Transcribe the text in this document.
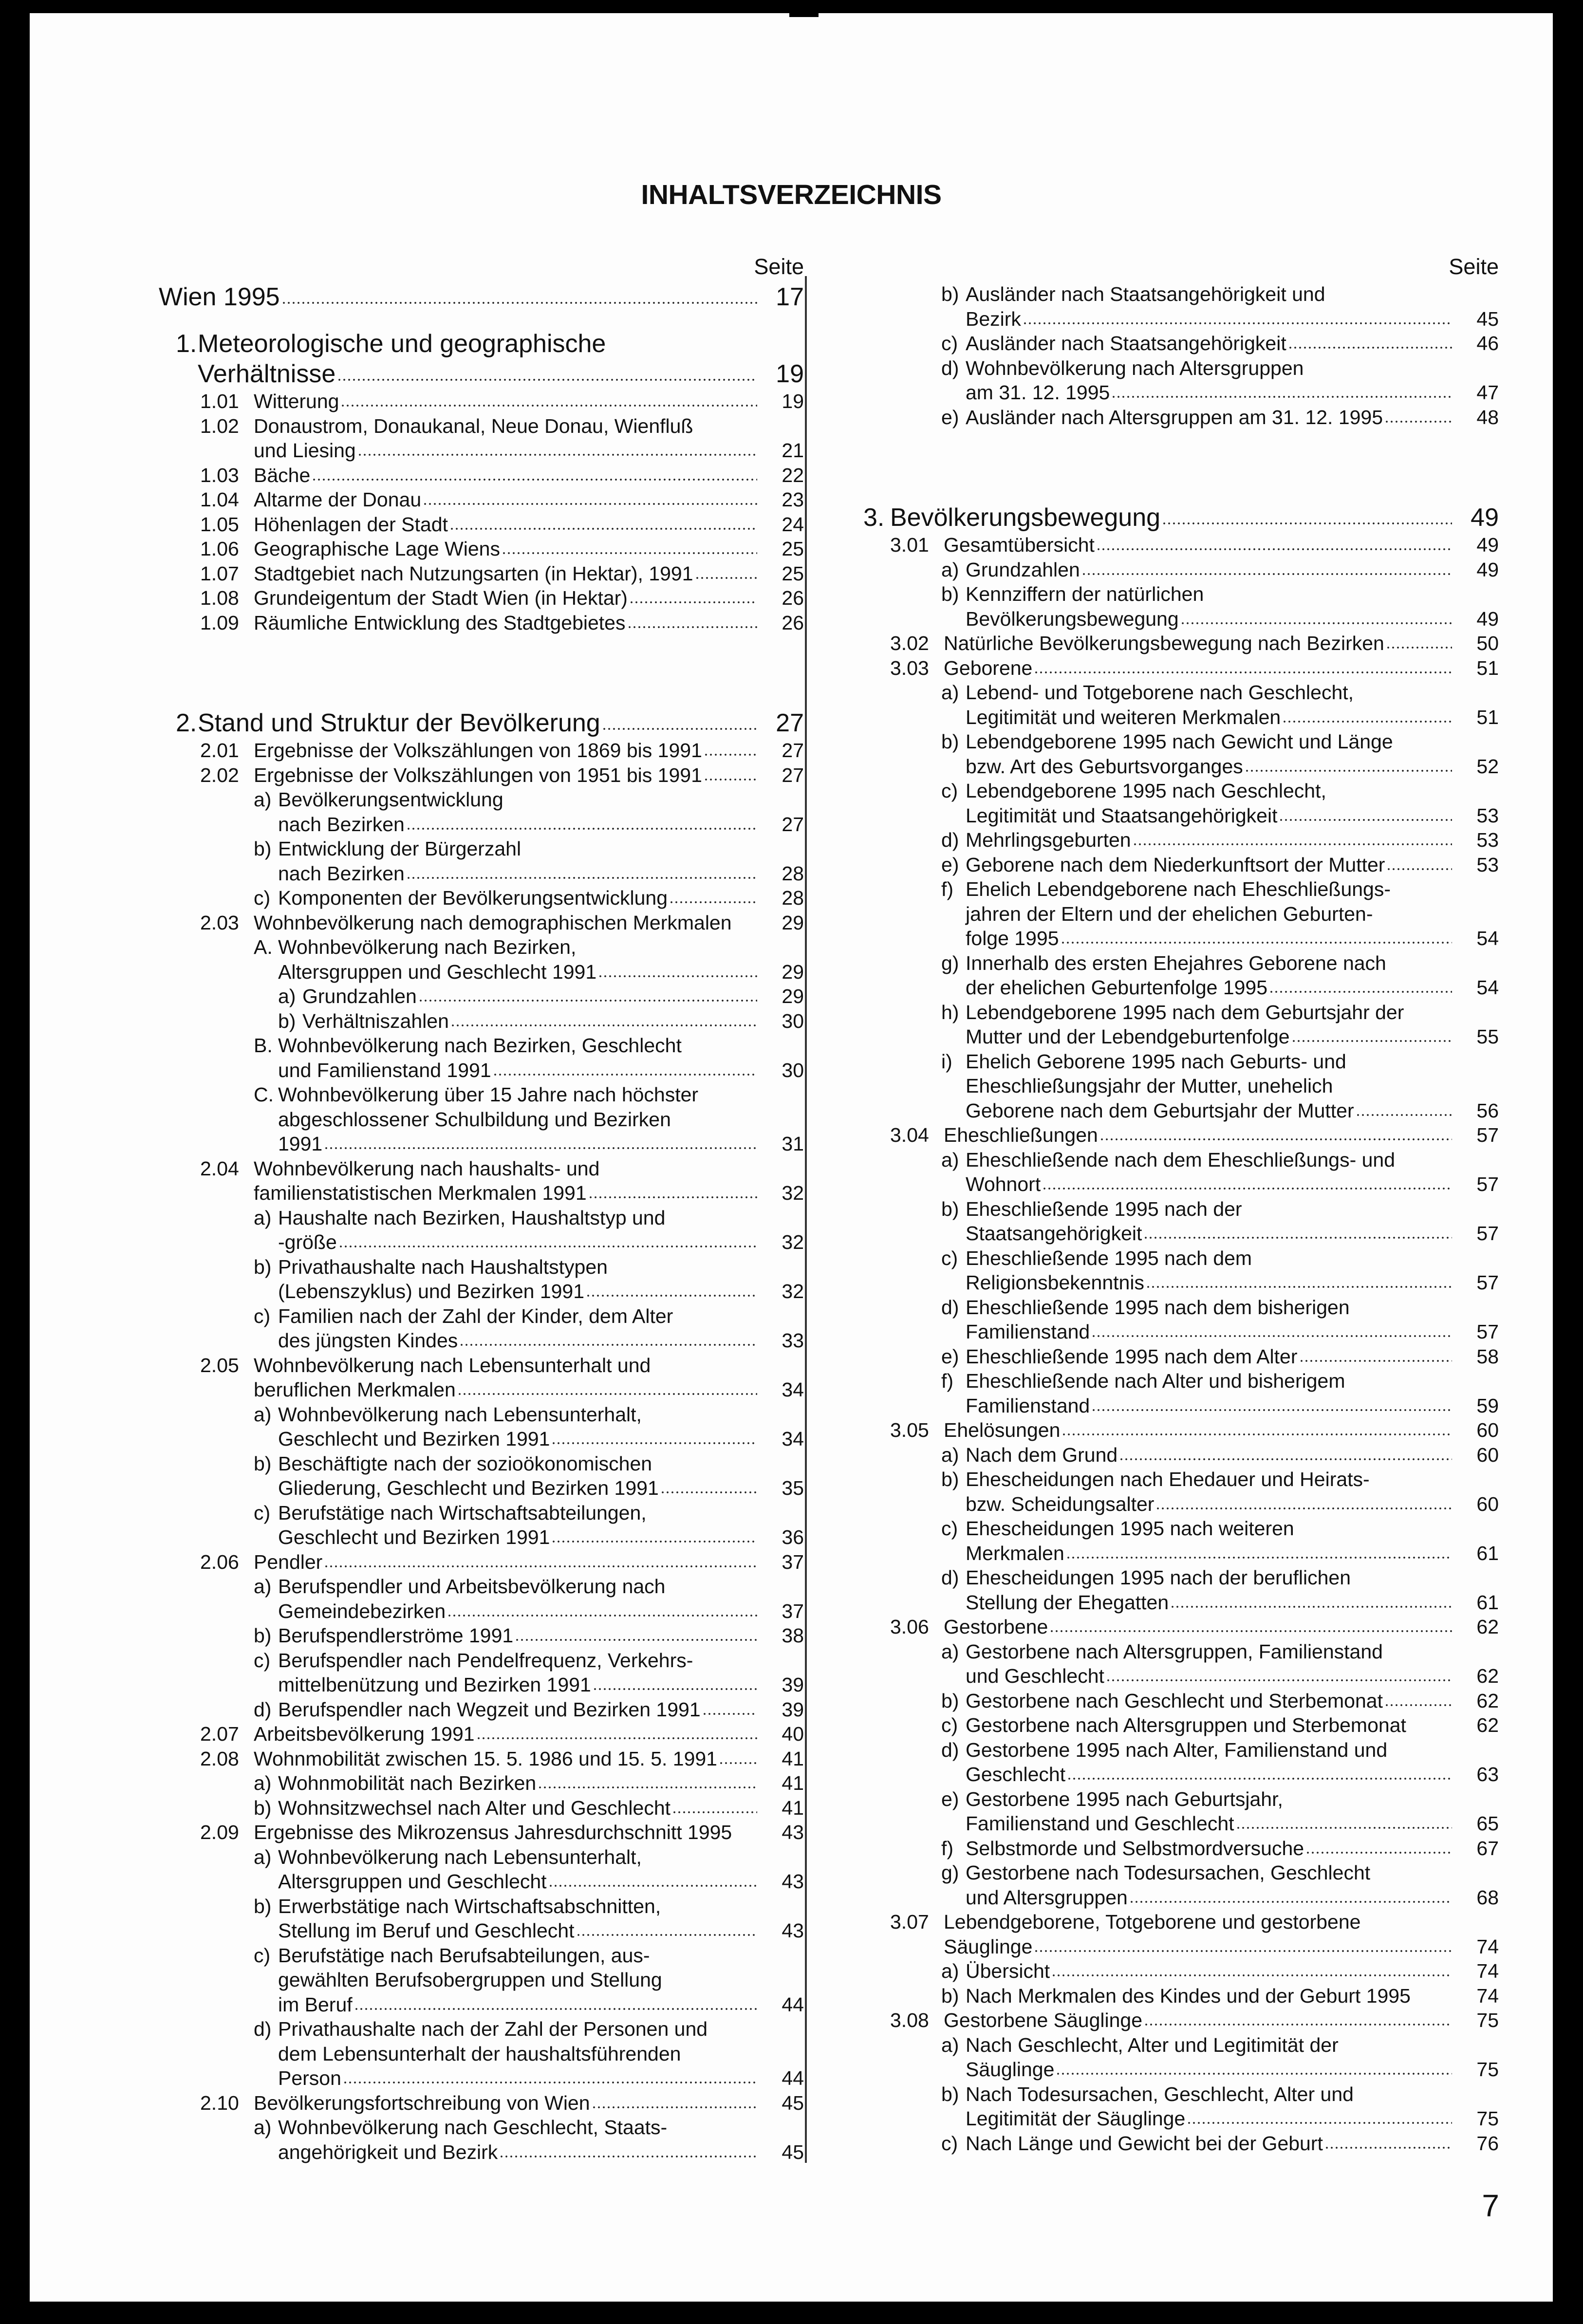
INHALTSVERZEICHNIS
Seite
Wien 1995	17
1. Meteorologische und geographische
Verhältnisse	19
1.01 Witterung	19
1.02 Donaustrom, Donaukanal, Neue Donau, Wienfluß
und Liesing	21
1.03 Bäche	22
1.04 Altarme der Donau	23
1.05 Höhenlagen der Stadt	24
1.06 Geographische Lage Wiens	25
1.07 Stadtgebiet nach Nutzungsarten (in Hektar), 1991	25
1.08 Grundeigentum der Stadt Wien (in Hektar)	26
1.09 Räumliche Entwicklung des Stadtgebietes	26
2. Stand und Struktur der Bevölkerung	27
2.01 Ergebnisse der Volkszählungen von 1869 bis 1991	27
2.02 Ergebnisse der Volkszählungen von 1951 bis 1991	27
a) Bevölkerungsentwicklung
nach Bezirken	27
b) Entwicklung der Bürgerzahl
nach Bezirken	28
c) Komponenten der Bevölkerungsentwicklung	28
2.03 Wohnbevölkerung nach demographischen Merkmalen	29
A. Wohnbevölkerung nach Bezirken,
Altersgruppen und Geschlecht 1991	29
a) Grundzahlen	29
b) Verhältniszahlen	30
B. Wohnbevölkerung nach Bezirken, Geschlecht
und Familienstand 1991	30
C. Wohnbevölkerung über 15 Jahre nach höchster
abgeschlossener Schulbildung und Bezirken
1991	31
2.04 Wohnbevölkerung nach haushalts- und
familienstatistischen Merkmalen 1991	32
a) Haushalte nach Bezirken, Haushaltstyp und
-größe	32
b) Privathaushalte nach Haushaltstypen
(Lebenszyklus) und Bezirken 1991	32
c) Familien nach der Zahl der Kinder, dem Alter
des jüngsten Kindes	33
2.05 Wohnbevölkerung nach Lebensunterhalt und
beruflichen Merkmalen	34
a) Wohnbevölkerung nach Lebensunterhalt,
Geschlecht und Bezirken 1991	34
b) Beschäftigte nach der sozioökonomischen
Gliederung, Geschlecht und Bezirken 1991	35
c) Berufstätige nach Wirtschaftsabteilungen,
Geschlecht und Bezirken 1991	36
2.06 Pendler	37
a) Berufspendler und Arbeitsbevölkerung nach
Gemeindebezirken	37
b) Berufspendlerströme 1991	38
c) Berufspendler nach Pendelfrequenz, Verkehrs-
mittelbenützung und Bezirken 1991	39
d) Berufspendler nach Wegzeit und Bezirken 1991	39
2.07 Arbeitsbevölkerung 1991	40
2.08 Wohnmobilität zwischen 15. 5. 1986 und 15. 5. 1991	41
a) Wohnmobilität nach Bezirken	41
b) Wohnsitzwechsel nach Alter und Geschlecht	41
2.09 Ergebnisse des Mikrozensus Jahresdurchschnitt 1995	43
a) Wohnbevölkerung nach Lebensunterhalt,
Altersgruppen und Geschlecht	43
b) Erwerbstätige nach Wirtschaftsabschnitten,
Stellung im Beruf und Geschlecht	43
c) Berufstätige nach Berufsabteilungen, aus-
gewählten Berufsobergruppen und Stellung
im Beruf	44
d) Privathaushalte nach der Zahl der Personen und
dem Lebensunterhalt der haushaltsführenden
Person	44
2.10 Bevölkerungsfortschreibung von Wien	45
a) Wohnbevölkerung nach Geschlecht, Staats-
angehörigkeit und Bezirk	45
Seite
b) Ausländer nach Staatsangehörigkeit und
Bezirk	45
c) Ausländer nach Staatsangehörigkeit	46
d) Wohnbevölkerung nach Altersgruppen
am 31. 12. 1995	47
e) Ausländer nach Altersgruppen am 31. 12. 1995	48
3. Bevölkerungsbewegung	49
3.01 Gesamtübersicht	49
a) Grundzahlen	49
b) Kennziffern der natürlichen
Bevölkerungsbewegung	49
3.02 Natürliche Bevölkerungsbewegung nach Bezirken	50
3.03 Geborene	51
a) Lebend- und Totgeborene nach Geschlecht,
Legitimität und weiteren Merkmalen	51
b) Lebendgeborene 1995 nach Gewicht und Länge
bzw. Art des Geburtsvorganges	52
c) Lebendgeborene 1995 nach Geschlecht,
Legitimität und Staatsangehörigkeit	53
d) Mehrlingsgeburten	53
e) Geborene nach dem Niederkunftsort der Mutter	53
f) Ehelich Lebendgeborene nach Eheschließungs-
jahren der Eltern und der ehelichen Geburten-
folge 1995	54
g) Innerhalb des ersten Ehejahres Geborene nach
der ehelichen Geburtenfolge 1995	54
h) Lebendgeborene 1995 nach dem Geburtsjahr der
Mutter und der Lebendgeburtenfolge	55
i) Ehelich Geborene 1995 nach Geburts- und
Eheschließungsjahr der Mutter, unehelich
Geborene nach dem Geburtsjahr der Mutter	56
3.04 Eheschließungen	57
a) Eheschließende nach dem Eheschließungs- und
Wohnort	57
b) Eheschließende 1995 nach der
Staatsangehörigkeit	57
c) Eheschließende 1995 nach dem
Religionsbekenntnis	57
d) Eheschließende 1995 nach dem bisherigen
Familienstand	57
e) Eheschließende 1995 nach dem Alter	58
f) Eheschließende nach Alter und bisherigem
Familienstand	59
3.05 Ehelösungen	60
a) Nach dem Grund	60
b) Ehescheidungen nach Ehedauer und Heirats-
bzw. Scheidungsalter	60
c) Ehescheidungen 1995 nach weiteren
Merkmalen	61
d) Ehescheidungen 1995 nach der beruflichen
Stellung der Ehegatten	61
3.06 Gestorbene	62
a) Gestorbene nach Altersgruppen, Familienstand
und Geschlecht	62
b) Gestorbene nach Geschlecht und Sterbemonat	62
c) Gestorbene nach Altersgruppen und Sterbemonat	62
d) Gestorbene 1995 nach Alter, Familienstand und
Geschlecht	63
e) Gestorbene 1995 nach Geburtsjahr,
Familienstand und Geschlecht	65
f) Selbstmorde und Selbstmordversuche	67
g) Gestorbene nach Todesursachen, Geschlecht
und Altersgruppen	68
3.07 Lebendgeborene, Totgeborene und gestorbene
Säuglinge	74
a) Übersicht	74
b) Nach Merkmalen des Kindes und der Geburt 1995	74
3.08 Gestorbene Säuglinge	75
a) Nach Geschlecht, Alter und Legitimität der
Säuglinge	75
b) Nach Todesursachen, Geschlecht, Alter und
Legitimität der Säuglinge	75
c) Nach Länge und Gewicht bei der Geburt	76
7
